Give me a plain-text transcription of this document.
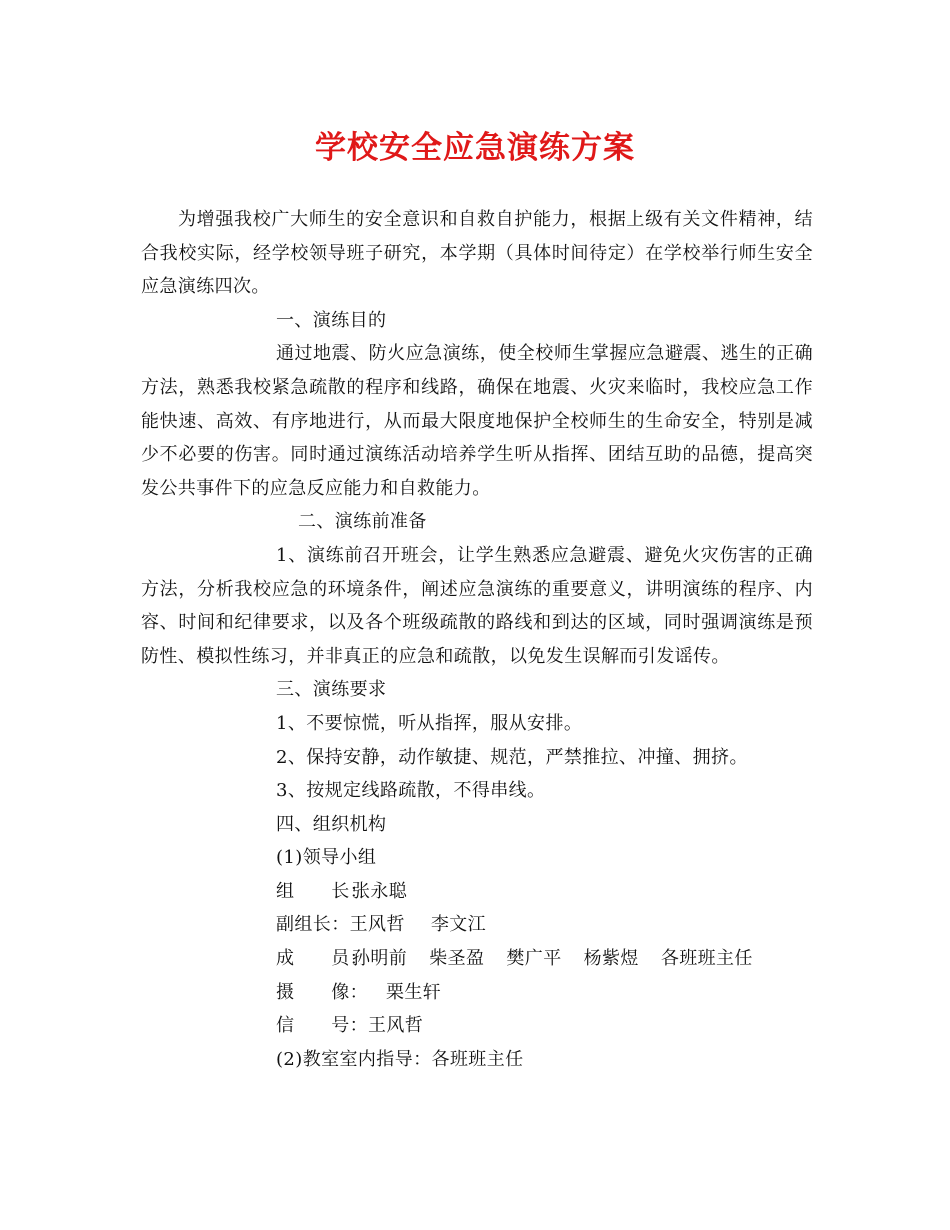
学校安全应急演练方案

为增强我校广大师生的安全意识和自救自护能力，根据上级有关文件精神，结合我校实际，经学校领导班子研究，本学期（具体时间待定）在学校举行师生安全应急演练四次。

一、演练目的

通过地震、防火应急演练，使全校师生掌握应急避震、逃生的正确方法，熟悉我校紧急疏散的程序和线路，确保在地震、火灾来临时，我校应急工作能快速、高效、有序地进行，从而最大限度地保护全校师生的生命安全，特别是减少不必要的伤害。同时通过演练活动培养学生听从指挥、团结互助的品德，提高突发公共事件下的应急反应能力和自救能力。

二、演练前准备

1、演练前召开班会，让学生熟悉应急避震、避免火灾伤害的正确方法，分析我校应急的环境条件，阐述应急演练的重要意义，讲明演练的程序、内容、时间和纪律要求，以及各个班级疏散的路线和到达的区域，同时强调演练是预防性、模拟性练习，并非真正的应急和疏散，以免发生误解而引发谣传。

三、演练要求

1、不要惊慌，听从指挥，服从安排。

2、保持安静，动作敏捷、规范，严禁推拉、冲撞、拥挤。

3、按规定线路疏散，不得串线。

四、组织机构

(1)领导小组

组　　长：张永聪

副组长：王风哲 李文江

成　　员：孙明前 柴圣盈 樊广平 杨紫煜 各班班主任

摄　　像： 栗生轩

信　　号：王风哲

(2)教室室内指导：各班班主任
